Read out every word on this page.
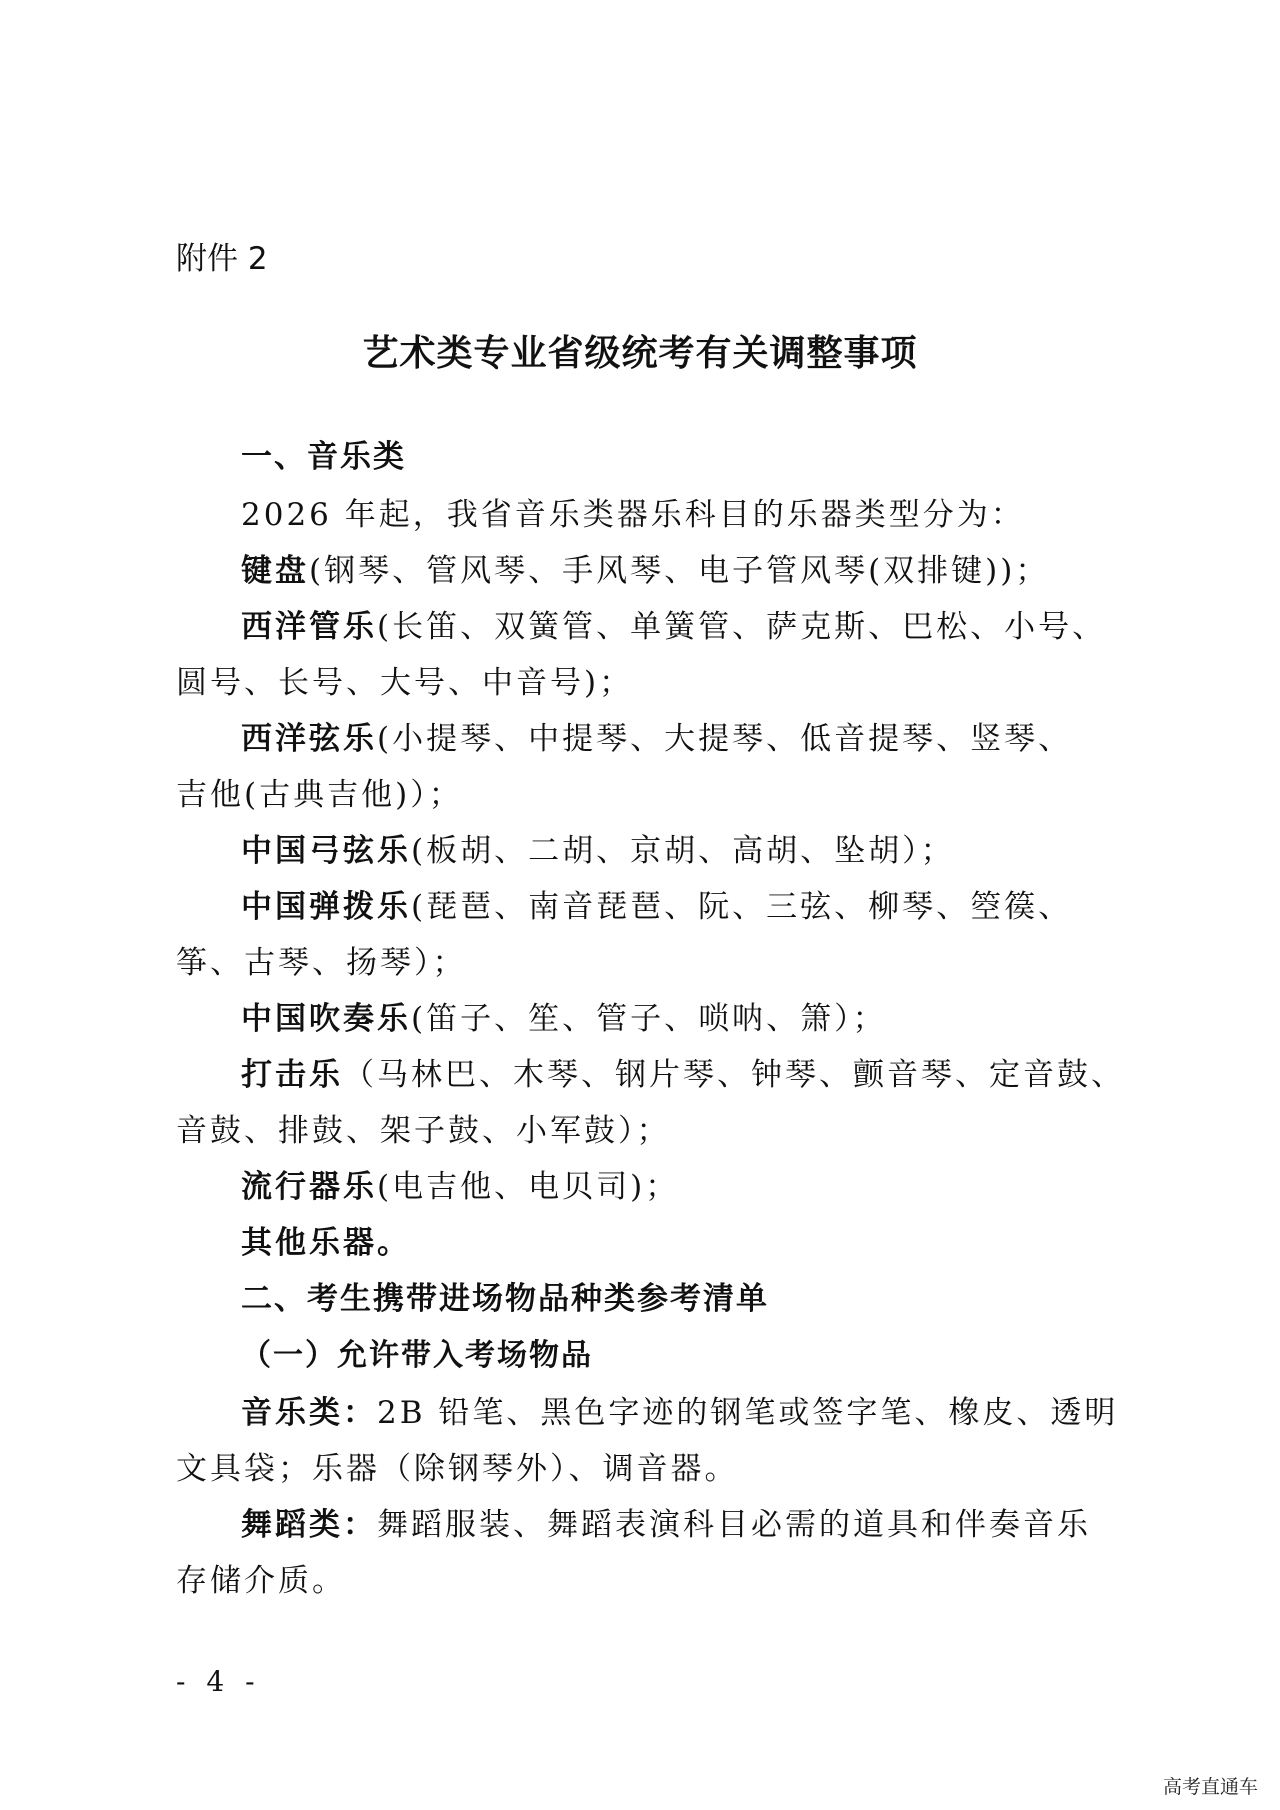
附件 2
艺术类专业省级统考有关调整事项
一、音乐类
2026 年起，我省音乐类器乐科目的乐器类型分为：
键盘(钢琴、管风琴、手风琴、电子管风琴(双排键))；
西洋管乐(长笛、双簧管、单簧管、萨克斯、巴松、小号、
圆号、长号、大号、中音号)；
西洋弦乐(小提琴、中提琴、大提琴、低音提琴、竖琴、
吉他(古典吉他)）；
中国弓弦乐(板胡、二胡、京胡、高胡、坠胡）；
中国弹拨乐(琵琶、南音琵琶、阮、三弦、柳琴、箜篌、
筝、古琴、扬琴）；
中国吹奏乐(笛子、笙、管子、唢呐、箫）；
打击乐（马林巴、木琴、钢片琴、钟琴、颤音琴、定音鼓、
音鼓、排鼓、架子鼓、小军鼓）；
流行器乐(电吉他、电贝司)；
其他乐器。
二、考生携带进场物品种类参考清单
（一）允许带入考场物品
音乐类：2B 铅笔、黑色字迹的钢笔或签字笔、橡皮、透明
文具袋；乐器（除钢琴外）、调音器。
舞蹈类：舞蹈服装、舞蹈表演科目必需的道具和伴奏音乐
存储介质。
- 4 -
高考直通车
